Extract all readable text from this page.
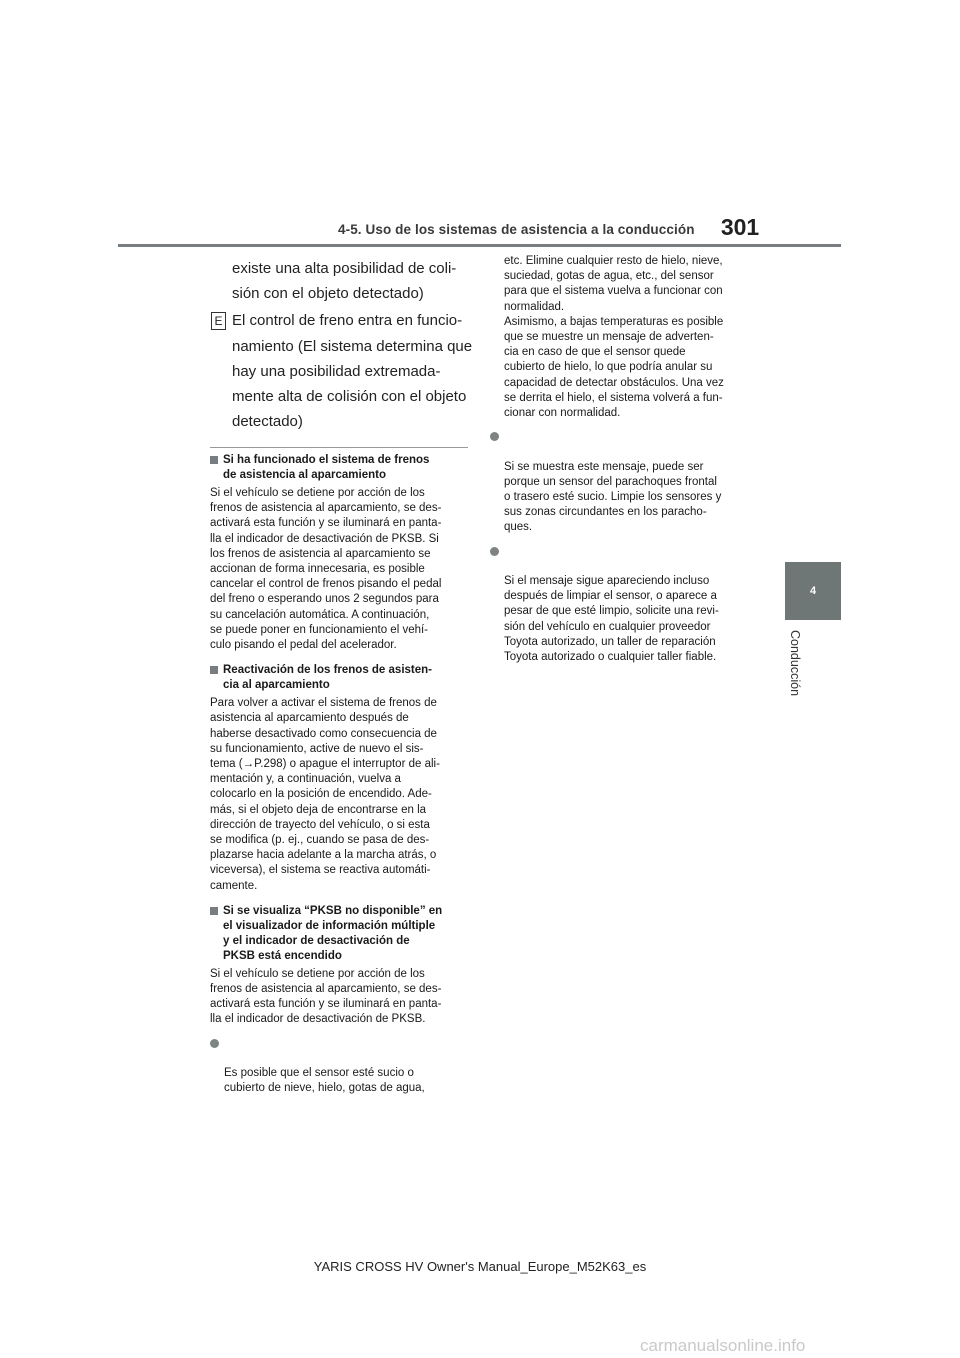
4-5. Uso de los sistemas de asistencia a la conducción	301
4
Conducción
existe una alta posibilidad de coli-
sión con el objeto detectado)
E El control de freno entra en funcio-
namiento (El sistema determina que
hay una posibilidad extremada-
mente alta de colisión con el objeto
detectado)
Si ha funcionado el sistema de frenos
de asistencia al aparcamiento
Si el vehículo se detiene por acción de los
frenos de asistencia al aparcamiento, se des-
activará esta función y se iluminará en panta-
lla el indicador de desactivación de PKSB. Si
los frenos de asistencia al aparcamiento se
accionan de forma innecesaria, es posible
cancelar el control de frenos pisando el pedal
del freno o esperando unos 2 segundos para
su cancelación automática. A continuación,
se puede poner en funcionamiento el vehí-
culo pisando el pedal del acelerador.
Reactivación de los frenos de asisten-
cia al aparcamiento
Para volver a activar el sistema de frenos de
asistencia al aparcamiento después de
haberse desactivado como consecuencia de
su funcionamiento, active de nuevo el sis-
tema (→P.298) o apague el interruptor de ali-
mentación y, a continuación, vuelva a
colocarlo en la posición de encendido. Ade-
más, si el objeto deja de encontrarse en la
dirección de trayecto del vehículo, o si esta
se modifica (p. ej., cuando se pasa de des-
plazarse hacia adelante a la marcha atrás, o
viceversa), el sistema se reactiva automáti-
camente.
Si se visualiza “PKSB no disponible” en
el visualizador de información múltiple
y el indicador de desactivación de
PKSB está encendido
Si el vehículo se detiene por acción de los
frenos de asistencia al aparcamiento, se des-
activará esta función y se iluminará en panta-
lla el indicador de desactivación de PKSB.

Es posible que el sensor esté sucio o
cubierto de nieve, hielo, gotas de agua,

etc. Elimine cualquier resto de hielo, nieve,
suciedad, gotas de agua, etc., del sensor
para que el sistema vuelva a funcionar con
normalidad.
Asimismo, a bajas temperaturas es posible
que se muestre un mensaje de adverten-
cia en caso de que el sensor quede
cubierto de hielo, lo que podría anular su
capacidad de detectar obstáculos. Una vez
se derrita el hielo, el sistema volverá a fun-
cionar con normalidad.

Si se muestra este mensaje, puede ser
porque un sensor del parachoques frontal
o trasero esté sucio. Limpie los sensores y
sus zonas circundantes en los paracho-
ques.

Si el mensaje sigue apareciendo incluso
después de limpiar el sensor, o aparece a
pesar de que esté limpio, solicite una revi-
sión del vehículo en cualquier proveedor
Toyota autorizado, un taller de reparación
Toyota autorizado o cualquier taller fiable.

YARIS CROSS HV Owner's Manual_Europe_M52K63_es
carmanualsonline.info
